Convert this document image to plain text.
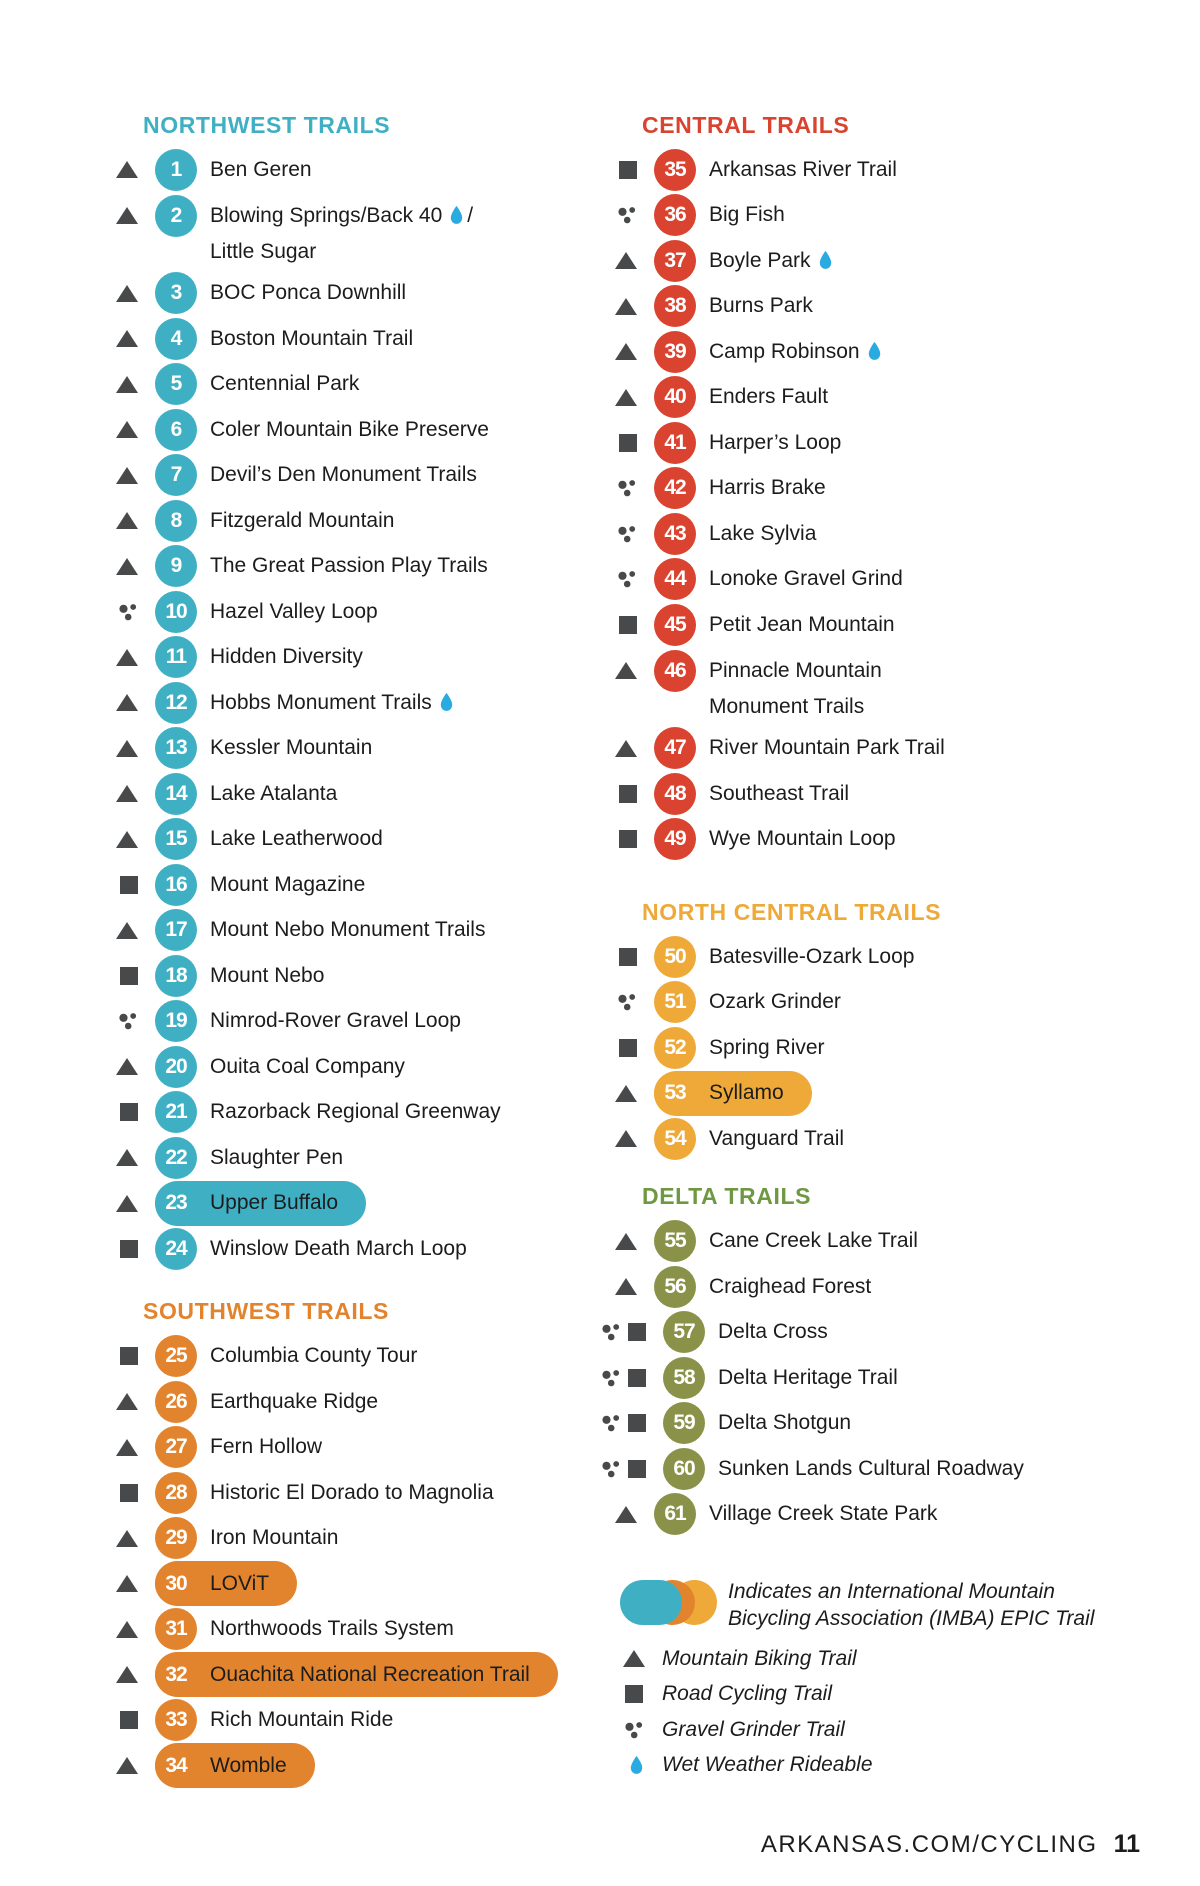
NORTHWEST TRAILS
1	Ben Geren
2	Blowing Springs/Back 40 /
Little Sugar
3	BOC Ponca Downhill
4	Boston Mountain Trail
5	Centennial Park
6	Coler Mountain Bike Preserve
7	Devil’s Den Monument Trails
8	Fitzgerald Mountain
9	The Great Passion Play Trails
10	Hazel Valley Loop
11	Hidden Diversity
12	Hobbs Monument Trails
13	Kessler Mountain
14	Lake Atalanta
15	Lake Leatherwood
16	Mount Magazine
17	Mount Nebo Monument Trails
18	Mount Nebo
19	Nimrod-Rover Gravel Loop
20	Ouita Coal Company
21	Razorback Regional Greenway
22	Slaughter Pen
23	Upper Buffalo
24	Winslow Death March Loop
SOUTHWEST TRAILS
25	Columbia County Tour
26	Earthquake Ridge
27	Fern Hollow
28	Historic El Dorado to Magnolia
29	Iron Mountain
30	LOViT
31	Northwoods Trails System
32	Ouachita National Recreation Trail
33	Rich Mountain Ride
34	Womble
CENTRAL TRAILS
35	Arkansas River Trail
36	Big Fish
37	Boyle Park
38	Burns Park
39	Camp Robinson
40	Enders Fault
41	Harper’s Loop
42	Harris Brake
43	Lake Sylvia
44	Lonoke Gravel Grind
45	Petit Jean Mountain
46	Pinnacle Mountain
Monument Trails
47	River Mountain Park Trail
48	Southeast Trail
49	Wye Mountain Loop
NORTH CENTRAL TRAILS
50	Batesville-Ozark Loop
51	Ozark Grinder
52	Spring River
53	Syllamo
54	Vanguard Trail
DELTA TRAILS
55	Cane Creek Lake Trail
56	Craighead Forest
57	Delta Cross
58	Delta Heritage Trail
59	Delta Shotgun
60	Sunken Lands Cultural Roadway
61	Village Creek State Park
Indicates an International Mountain
Bicycling Association (IMBA) EPIC Trail
Mountain Biking Trail
Road Cycling Trail
Gravel Grinder Trail
Wet Weather Rideable
ARKANSAS.COM/CYCLING 11
